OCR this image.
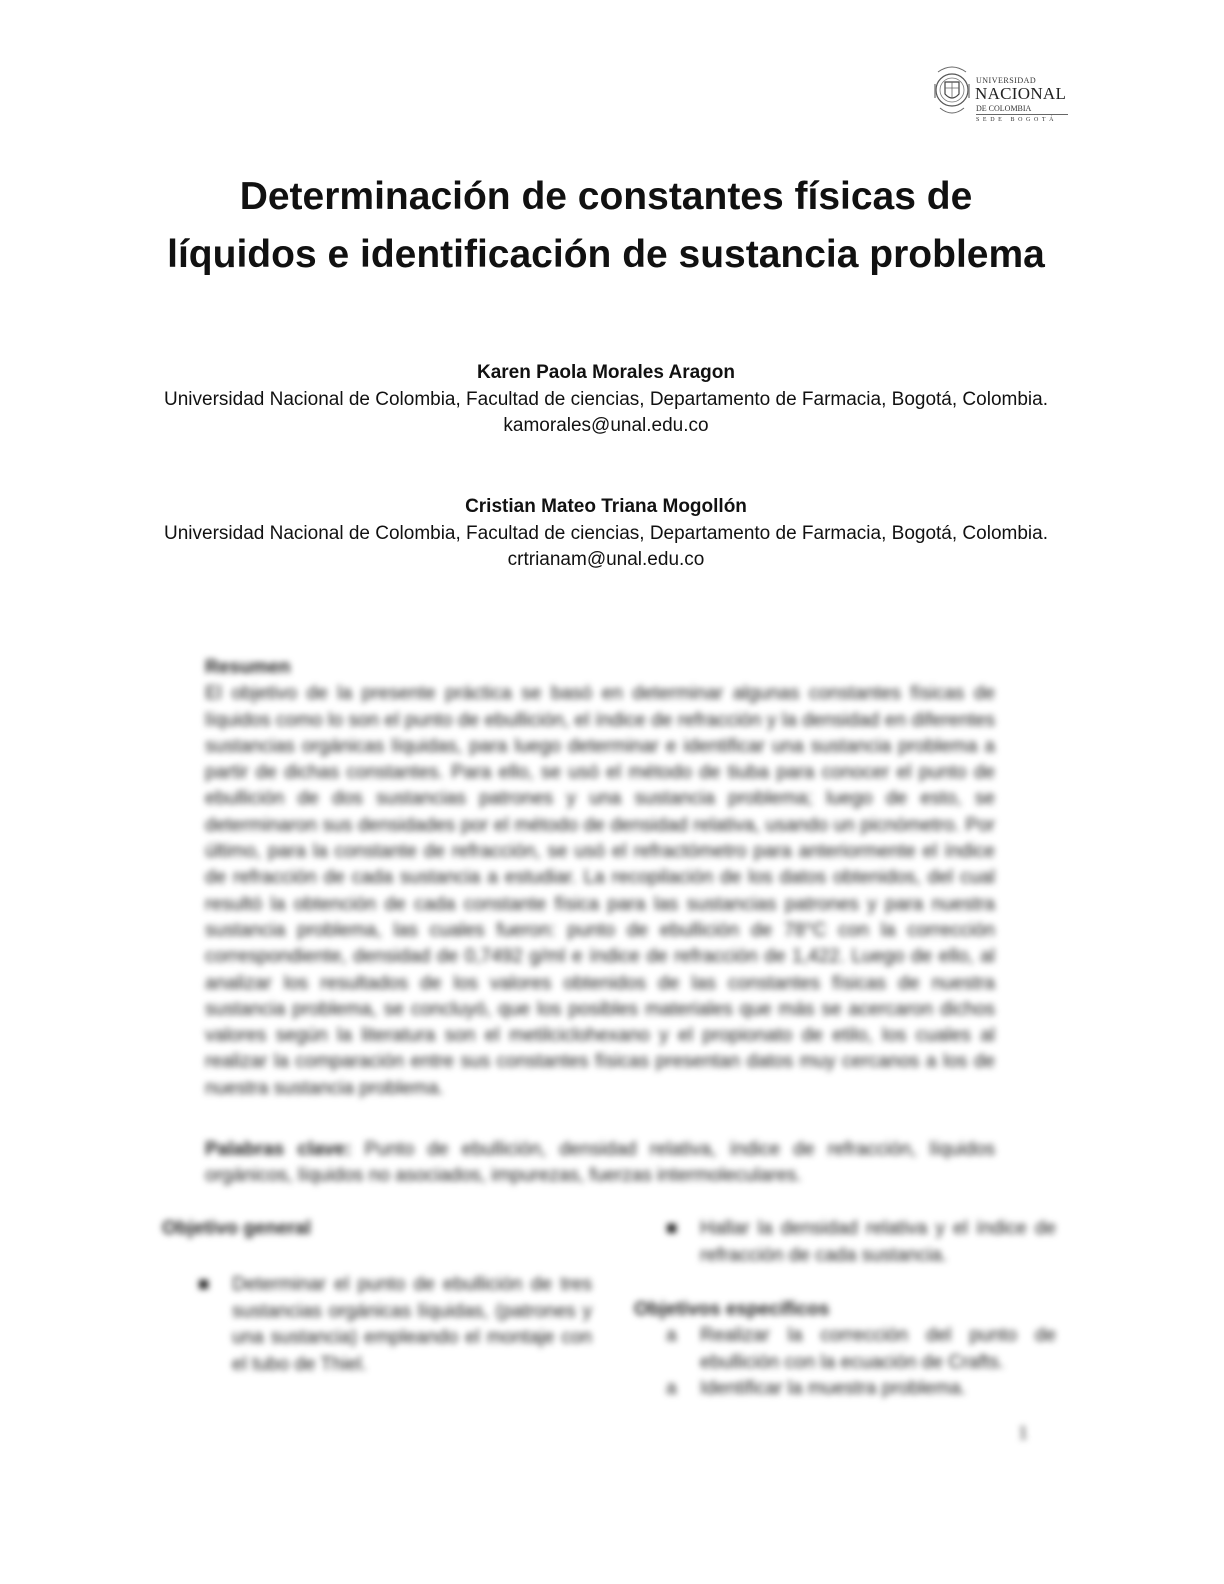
UNIVERSIDAD
NACIONAL
DE COLOMBIA
SEDE BOGOTÁ
Determinación de constantes físicas de líquidos e identificación de sustancia problema
Karen Paola Morales Aragon
Universidad Nacional de Colombia, Facultad de ciencias, Departamento de Farmacia, Bogotá, Colombia.
kamorales@unal.edu.co
Cristian Mateo Triana Mogollón
Universidad Nacional de Colombia, Facultad de ciencias, Departamento de Farmacia, Bogotá, Colombia.
crtrianam@unal.edu.co
Resumen

El objetivo de la presente práctica se basó en determinar algunas constantes físicas de líquidos como lo son el punto de ebullición, el índice de refracción y la densidad en diferentes sustancias orgánicas líquidas, para luego determinar e identificar una sustancia problema a partir de dichas constantes. Para ello, se usó el método de tiuba para conocer el punto de ebullición de dos sustancias patrones y una sustancia problema; luego de esto, se determinaron sus densidades por el método de densidad relativa, usando un picnómetro. Por último, para la constante de refracción, se usó el refractómetro para anteriormente el índice de refracción de cada sustancia a estudiar. La recopilación de los datos obtenidos, del cual resultó la obtención de cada constante física para las sustancias patrones y para nuestra sustancia problema, las cuales fueron: punto de ebullición de 78°C con la corrección correspondiente, densidad de 0,7492 g/ml e índice de refracción de 1,422. Luego de ello, al analizar los resultados de los valores obtenidos de las constantes físicas de nuestra sustancia problema, se concluyó, que los posibles materiales que más se acercaron dichos valores según la literatura son el metilciclohexano y el propionato de etilo, los cuales al realizar la comparación entre sus constantes físicas presentan datos muy cercanos a los de nuestra sustancia problema.

Palabras clave: Punto de ebullición, densidad relativa, índice de refracción, líquidos orgánicos, líquidos no asociados, impurezas, fuerzas intermoleculares.

Objetivo general
■ Determinar el punto de ebullición de tres sustancias orgánicas líquidas, (patrones y una sustancia) empleando el montaje con el tubo de Thiel.
■ Hallar la densidad relativa y el índice de refracción de cada sustancia.
Objetivos específicos
a Realizar la corrección del punto de ebullición con la ecuación de Crafts.
a Identificar la muestra problema.
1
